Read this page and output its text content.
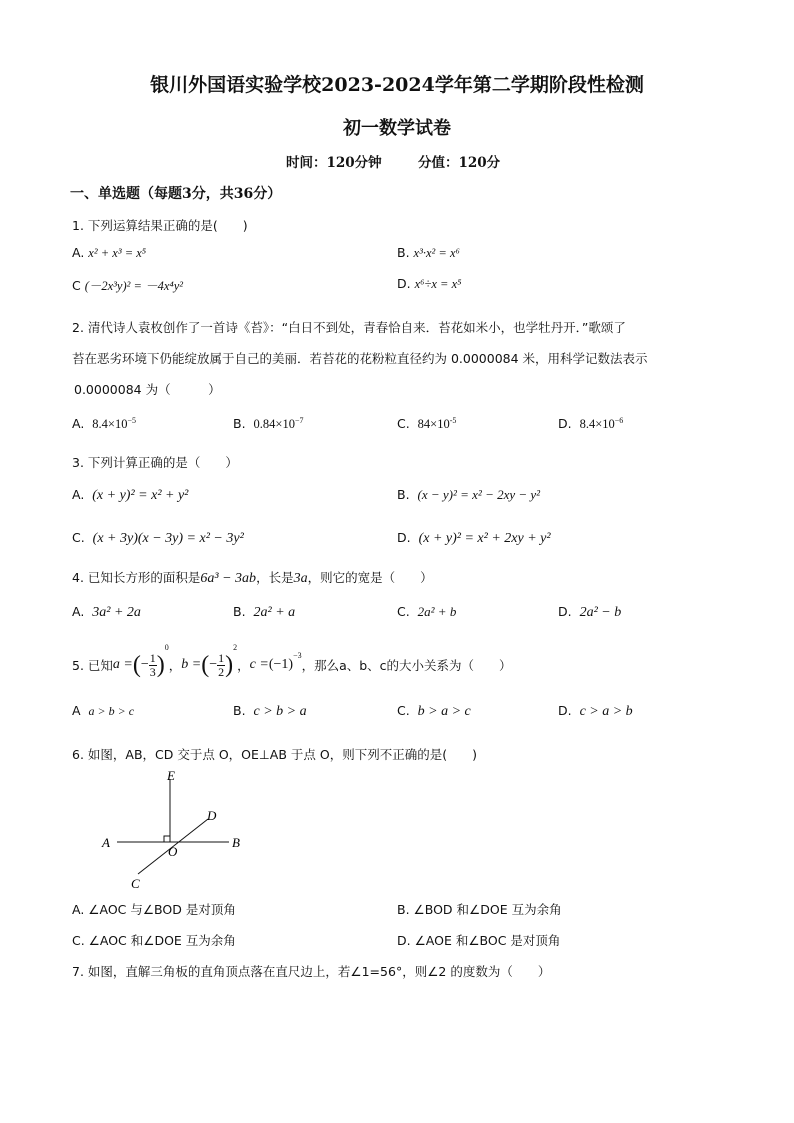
银川外国语实验学校2023-2024学年第二学期阶段性检测
初一数学试卷
时间：120分钟	分值：120分
一、单选题（每题3分，共36分）
1. 下列运算结果正确的是(　　)
A. x² + x³ = x⁵	B. x³·x² = x⁶
C (－2x³y)² = －4x⁴y²	D. x⁶÷x = x⁵
2. 清代诗人袁枚创作了一首诗《苔》：“白日不到处，青春恰自来．苔花如米小，也学牡丹开．”歌颂了
苔在恶劣环境下仍能绽放属于自己的美丽．若苔花的花粉粒直径约为 0.0000084 米，用科学记数法表示
0.0000084 为（　　　）
A. $8.4\times 10^{-5}$	B. $0.84\times 10^{-7}$	C. $84\times 10^{-5}$	D. $8.4\times 10^{-6}$
3. 下列计算正确的是（　　）
A. (x + y)² = x² + y²	B. (x − y)² = x² − 2xy − y²
C. (x + 3y)(x − 3y) = x² − 3y²	D. (x + y)² = x² + 2xy + y²
4. 已知长方形的面积是6a³ − 3ab，长是3a，则它的宽是（　　）
A. 3a² + 2a	B. 2a² + a	C. 2a² + b	D. 2a² − b
5. 已知 a = ( − $\frac{1}{3}$ )
$^0$
， b = ( − $\frac{1}{2}$ )
$^2$
， c = (−1)
$^{-3}$
，那么a、b、c的大小关系为（　　）
A a > b > c	B. c > b > a	C. b > a > c	D. c > a > b
6. 如图，AB，CD 交于点 O，OE⊥AB 于点 O，则下列不正确的是(　　)
E
D
A	B
O
C
A. ∠AOC 与∠BOD 是对顶角	B. ∠BOD 和∠DOE 互为余角
C. ∠AOC 和∠DOE 互为余角	D. ∠AOE 和∠BOC 是对顶角
7. 如图，直解三角板的直角顶点落在直尺边上，若∠1=56°，则∠2 的度数为（　　）
